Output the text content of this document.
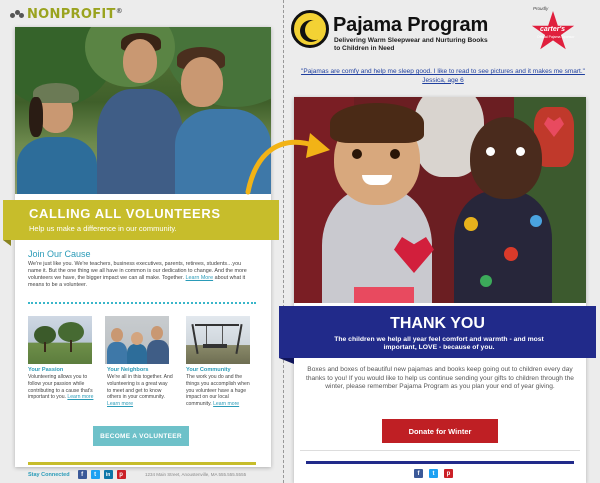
NONPROFIT®
CALLING ALL VOLUNTEERS
Help us make a difference in our community.
Join Our Cause
We're just like you. We're teachers, business executives, parents, retirees, students…you name it. But the one thing we all have in common is our dedication to change. And the more volunteers we have, the bigger impact we can all make. Together. Learn More about what it means to be a volunteer.
Your Passion
Volunteering allows you to follow your passion while contributing to a cause that's important to you. Learn more
Your Neighbors
We're all in this together. And volunteering is a great way to meet and get to know others in your community. Learn more
Your Community
The work you do and the things you accomplish when you volunteer have a huge impact on our local community. Learn more
BECOME A VOLUNTEER
Stay Connected	f	t	in	p	1234 Main Street, Anoustenville, MA 555.555.5555
Pajama Program
Delivering Warm Sleepwear and Nurturing Books to Children in Need
Proudly
carter's
Official Pajama Sponsor
"Pajamas are comfy and help me sleep good. I like to read to see pictures and it makes me smart."
Jessica, age 6
THANK YOU
The children we help all year feel comfort and warmth - and most important, LOVE - because of you.
Boxes and boxes of beautiful new pajamas and books keep going out to children every day thanks to you! If you would like to help us continue sending your gifts to children through the winter, please remember Pajama Program as you plan your end of year giving.
Donate for Winter
f	t	p
